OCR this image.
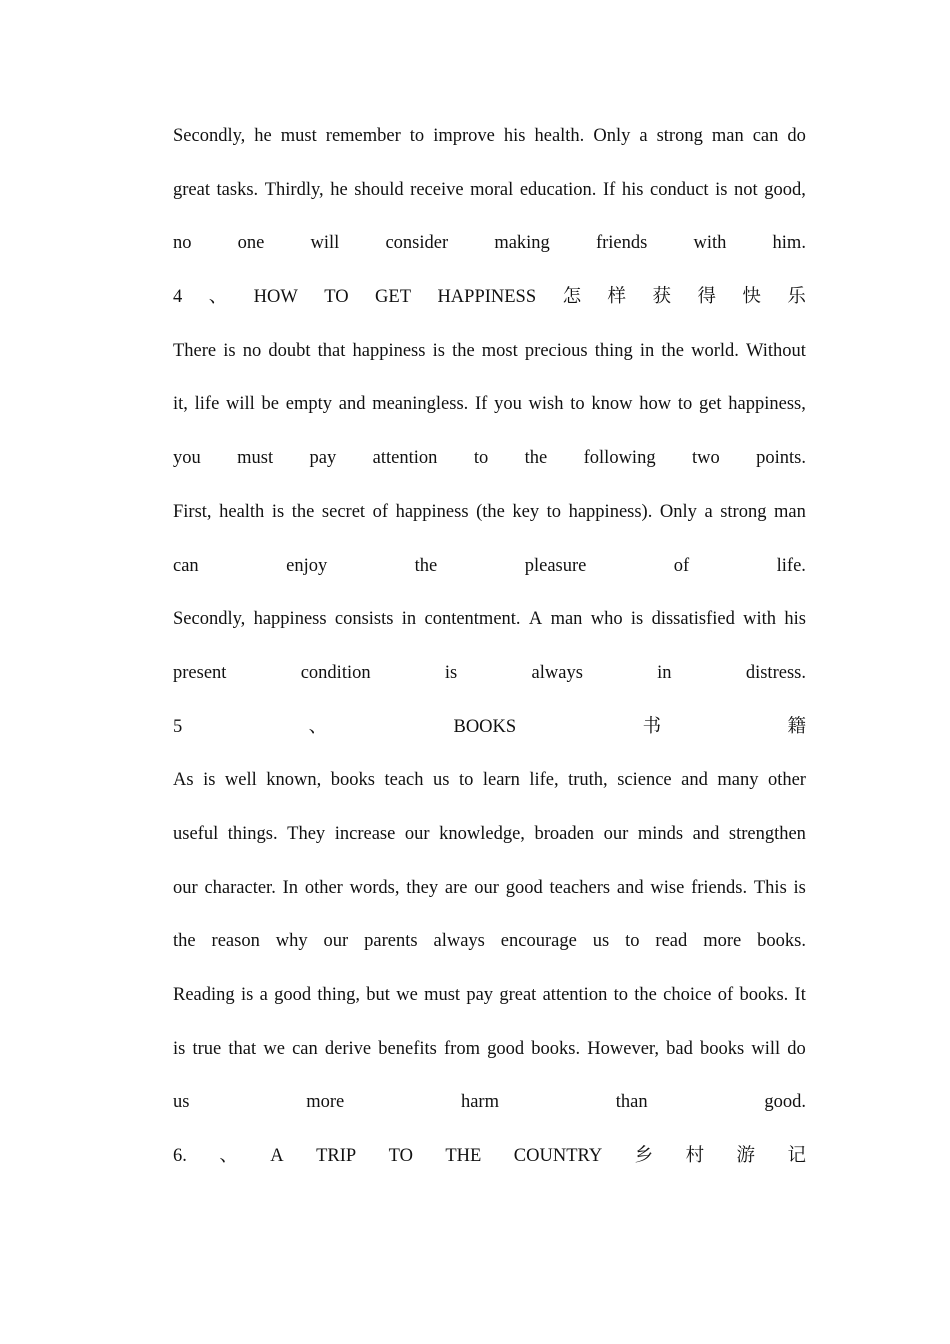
Secondly, he must remember to improve his health. Only a strong man can do
great tasks. Thirdly, he should receive moral education. If his conduct is not good,
no one will consider making friends with him.
4 、 HOW TO GET HAPPINESS 怎 样 获 得 快 乐
There is no doubt that happiness is the most precious thing in the world. Without
it, life will be empty and meaningless. If you wish to know how to get happiness,
you must pay attention to the following two points.
First, health is the secret of happiness (the key to happiness). Only a strong man
can	enjoy	the	pleasure	of	life.
Secondly, happiness consists in contentment. A man who is dissatisfied with his
present	condition	is	always	in	distress.
5	、	BOOKS	书	籍
As is well known, books teach us to learn life, truth, science and many other
useful things. They increase our knowledge, broaden our minds and strengthen
our character. In other words, they are our good teachers and wise friends. This is
the reason why our parents always encourage us to read more books.
Reading is a good thing, but we must pay great attention to the choice of books. It
is true that we can derive benefits from good books. However, bad books will do
us	more	harm	than	good.
6. 、 A TRIP TO THE COUNTRY 乡 村 游 记
